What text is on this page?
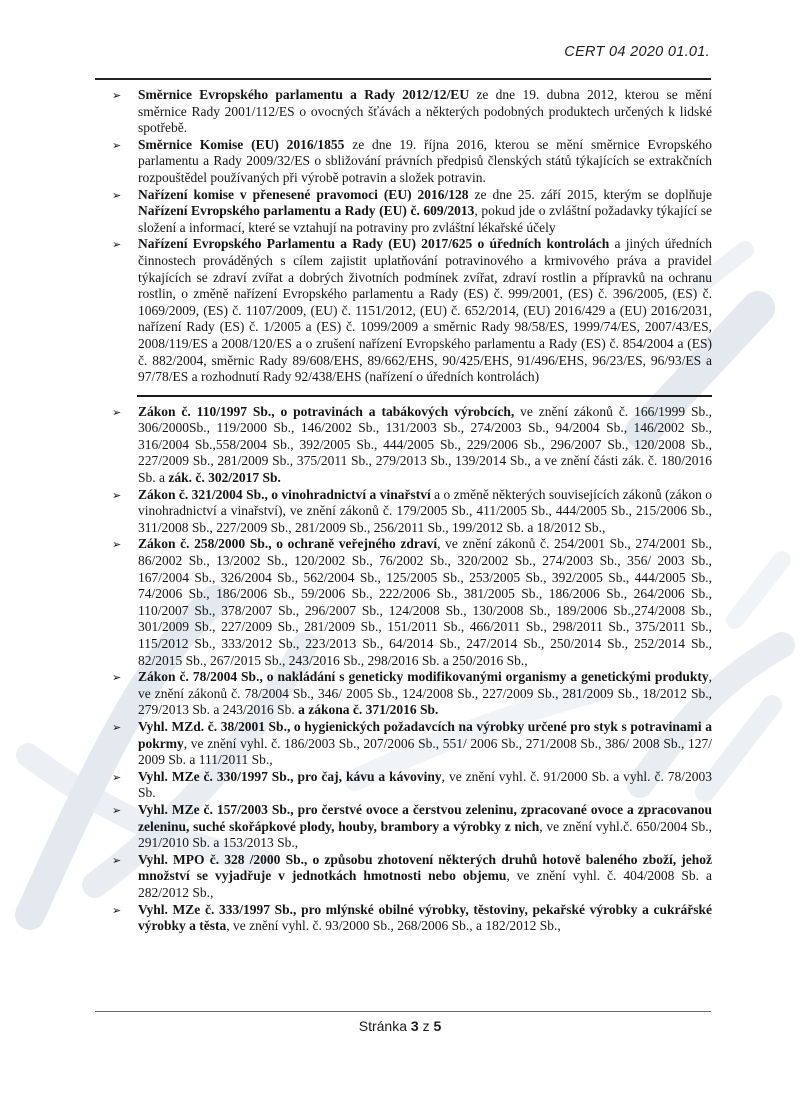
CERT 04 2020 01.01.
➢ Směrnice Evropského parlamentu a Rady 2012/12/EU ze dne 19. dubna 2012, kterou se mění směrnice Rady 2001/112/ES o ovocných šťávách a některých podobných produktech určených k lidské spotřebě.
➢ Směrnice Komise (EU) 2016/1855 ze dne 19. října 2016, kterou se mění směrnice Evropského parlamentu a Rady 2009/32/ES o sbližování právních předpisů členských států týkajících se extrakčních rozpouštědel používaných při výrobě potravin a složek potravin.
➢ Nařízení komise v přenesené pravomoci (EU) 2016/128 ze dne 25. září 2015, kterým se doplňuje Nařízení Evropského parlamentu a Rady (EU) č. 609/2013, pokud jde o zvláštní požadavky týkající se složení a informací, které se vztahují na potraviny pro zvláštní lékařské účely
➢ Nařízení Evropského Parlamentu a Rady (EU) 2017/625 o úředních kontrolách a jiných úředních činnostech prováděných s cílem zajistit uplatňování potravinového a krmivového práva a pravidel týkajících se zdraví zvířat a dobrých životních podmínek zvířat, zdraví rostlin a přípravků na ochranu rostlin, o změně nařízení Evropského parlamentu a Rady (ES) č. 999/2001, (ES) č. 396/2005, (ES) č. 1069/2009, (ES) č. 1107/2009, (EU) č. 1151/2012, (EU) č. 652/2014, (EU) 2016/429 a (EU) 2016/2031, nařízení Rady (ES) č. 1/2005 a (ES) č. 1099/2009 a směrnic Rady 98/58/ES, 1999/74/ES, 2007/43/ES, 2008/119/ES a 2008/120/ES a o zrušení nařízení Evropského parlamentu a Rady (ES) č. 854/2004 a (ES) č. 882/2004, směrnic Rady 89/608/EHS, 89/662/EHS, 90/425/EHS, 91/496/EHS, 96/23/ES, 96/93/ES a 97/78/ES a rozhodnutí Rady 92/438/EHS (nařízení o úředních kontrolách)
➢ Zákon č. 110/1997 Sb., o potravinách a tabákových výrobcích, ve znění zákonů č. 166/1999 Sb., 306/2000Sb., 119/2000 Sb., 146/2002 Sb., 131/2003 Sb., 274/2003 Sb., 94/2004 Sb., 146/2002 Sb., 316/2004 Sb.,558/2004 Sb., 392/2005 Sb., 444/2005 Sb., 229/2006 Sb., 296/2007 Sb., 120/2008 Sb., 227/2009 Sb., 281/2009 Sb., 375/2011 Sb., 279/2013 Sb., 139/2014 Sb., a ve znění části zák. č. 180/2016 Sb. a zák. č. 302/2017 Sb.
➢ Zákon č. 321/2004 Sb., o vinohradnictví a vinařství a o změně některých souvisejících zákonů (zákon o vinohradnictví a vinařství), ve znění zákonů č. 179/2005 Sb., 411/2005 Sb., 444/2005 Sb., 215/2006 Sb., 311/2008 Sb., 227/2009 Sb., 281/2009 Sb., 256/2011 Sb., 199/2012 Sb. a 18/2012 Sb.,
➢ Zákon č. 258/2000 Sb., o ochraně veřejného zdraví, ve znění zákonů č. 254/2001 Sb., 274/2001 Sb., 86/2002 Sb., 13/2002 Sb., 120/2002 Sb., 76/2002 Sb., 320/2002 Sb., 274/2003 Sb., 356/ 2003 Sb., 167/2004 Sb., 326/2004 Sb., 562/2004 Sb., 125/2005 Sb., 253/2005 Sb., 392/2005 Sb., 444/2005 Sb., 74/2006 Sb., 186/2006 Sb., 59/2006 Sb., 222/2006 Sb., 381/2005 Sb., 186/2006 Sb., 264/2006 Sb., 110/2007 Sb., 378/2007 Sb., 296/2007 Sb., 124/2008 Sb., 130/2008 Sb., 189/2006 Sb.,274/2008 Sb., 301/2009 Sb., 227/2009 Sb., 281/2009 Sb., 151/2011 Sb., 466/2011 Sb., 298/2011 Sb., 375/2011 Sb., 115/2012 Sb., 333/2012 Sb., 223/2013 Sb., 64/2014 Sb., 247/2014 Sb., 250/2014 Sb., 252/2014 Sb., 82/2015 Sb., 267/2015 Sb., 243/2016 Sb., 298/2016 Sb. a 250/2016 Sb.,
➢ Zákon č. 78/2004 Sb., o nakládání s geneticky modifikovanými organismy a genetickými produkty, ve znění zákonů č. 78/2004 Sb., 346/ 2005 Sb., 124/2008 Sb., 227/2009 Sb., 281/2009 Sb., 18/2012 Sb., 279/2013 Sb. a 243/2016 Sb. a zákona č. 371/2016 Sb.
➢ Vyhl. MZd. č. 38/2001 Sb., o hygienických požadavcích na výrobky určené pro styk s potravinami a pokrmy, ve znění vyhl. č. 186/2003 Sb., 207/2006 Sb., 551/ 2006 Sb., 271/2008 Sb., 386/ 2008 Sb., 127/ 2009 Sb. a 111/2011 Sb.,
➢ Vyhl. MZe č. 330/1997 Sb., pro čaj, kávu a kávoviny, ve znění vyhl. č. 91/2000 Sb. a vyhl. č. 78/2003 Sb.
➢ Vyhl. MZe č. 157/2003 Sb., pro čerstvé ovoce a čerstvou zeleninu, zpracované ovoce a zpracovanou zeleninu, suché skořápkové plody, houby, brambory a výrobky z nich, ve znění vyhl.č. 650/2004 Sb., 291/2010 Sb. a 153/2013 Sb.,
➢ Vyhl. MPO č. 328 /2000 Sb., o způsobu zhotovení některých druhů hotově baleného zboží, jehož množství se vyjadřuje v jednotkách hmotnosti nebo objemu, ve znění vyhl. č. 404/2008 Sb. a 282/2012 Sb.,
➢ Vyhl. MZe č. 333/1997 Sb., pro mlýnské obilné výrobky, těstoviny, pekařské výrobky a cukrářské výrobky a těsta, ve znění vyhl. č. 93/2000 Sb., 268/2006 Sb., a 182/2012 Sb.,
Stránka 3 z 5
